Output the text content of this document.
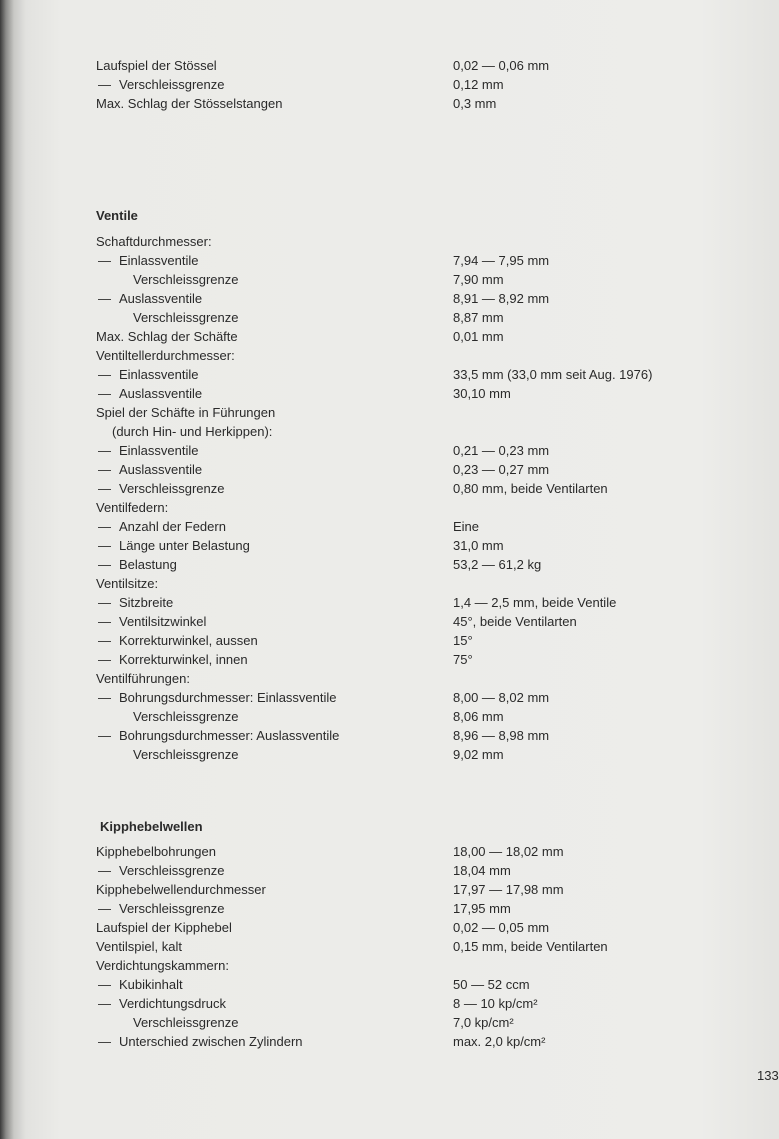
Laufspiel der Stössel	0,02 — 0,06 mm
— Verschleissgrenze	0,12 mm
Max. Schlag der Stösselstangen	0,3 mm
Ventile
Schaftdurchmesser:
— Einlassventile	7,94 — 7,95 mm
Verschleissgrenze	7,90 mm
— Auslassventile	8,91 — 8,92 mm
Verschleissgrenze	8,87 mm
Max. Schlag der Schäfte	0,01 mm
Ventiltellerdurchmesser:
— Einlassventile	33,5 mm (33,0 mm seit Aug. 1976)
— Auslassventile	30,10 mm
Spiel der Schäfte in Führungen
(durch Hin- und Herkippen):
— Einlassventile	0,21 — 0,23 mm
— Auslassventile	0,23 — 0,27 mm
— Verschleissgrenze	0,80 mm, beide Ventilarten
Ventilfedern:
— Anzahl der Federn	Eine
— Länge unter Belastung	31,0 mm
— Belastung	53,2 — 61,2 kg
Ventilsitze:
— Sitzbreite	1,4 — 2,5 mm, beide Ventile
— Ventilsitzwinkel	45°, beide Ventilarten
— Korrekturwinkel, aussen	15°
— Korrekturwinkel, innen	75°
Ventilführungen:
— Bohrungsdurchmesser: Einlassventile	8,00 — 8,02 mm
Verschleissgrenze	8,06 mm
— Bohrungsdurchmesser: Auslassventile	8,96 — 8,98 mm
Verschleissgrenze	9,02 mm
Kipphebelwellen
Kipphebelbohrungen	18,00 — 18,02 mm
— Verschleissgrenze	18,04 mm
Kipphebelwellendurchmesser	17,97 — 17,98 mm
— Verschleissgrenze	17,95 mm
Laufspiel der Kipphebel	0,02 — 0,05 mm
Ventilspiel, kalt	0,15 mm, beide Ventilarten
Verdichtungskammern:
— Kubikinhalt	50 — 52 ccm
— Verdichtungsdruck	8 — 10 kp/cm²
Verschleissgrenze	7,0 kp/cm²
— Unterschied zwischen Zylindern	max. 2,0 kp/cm²
133
